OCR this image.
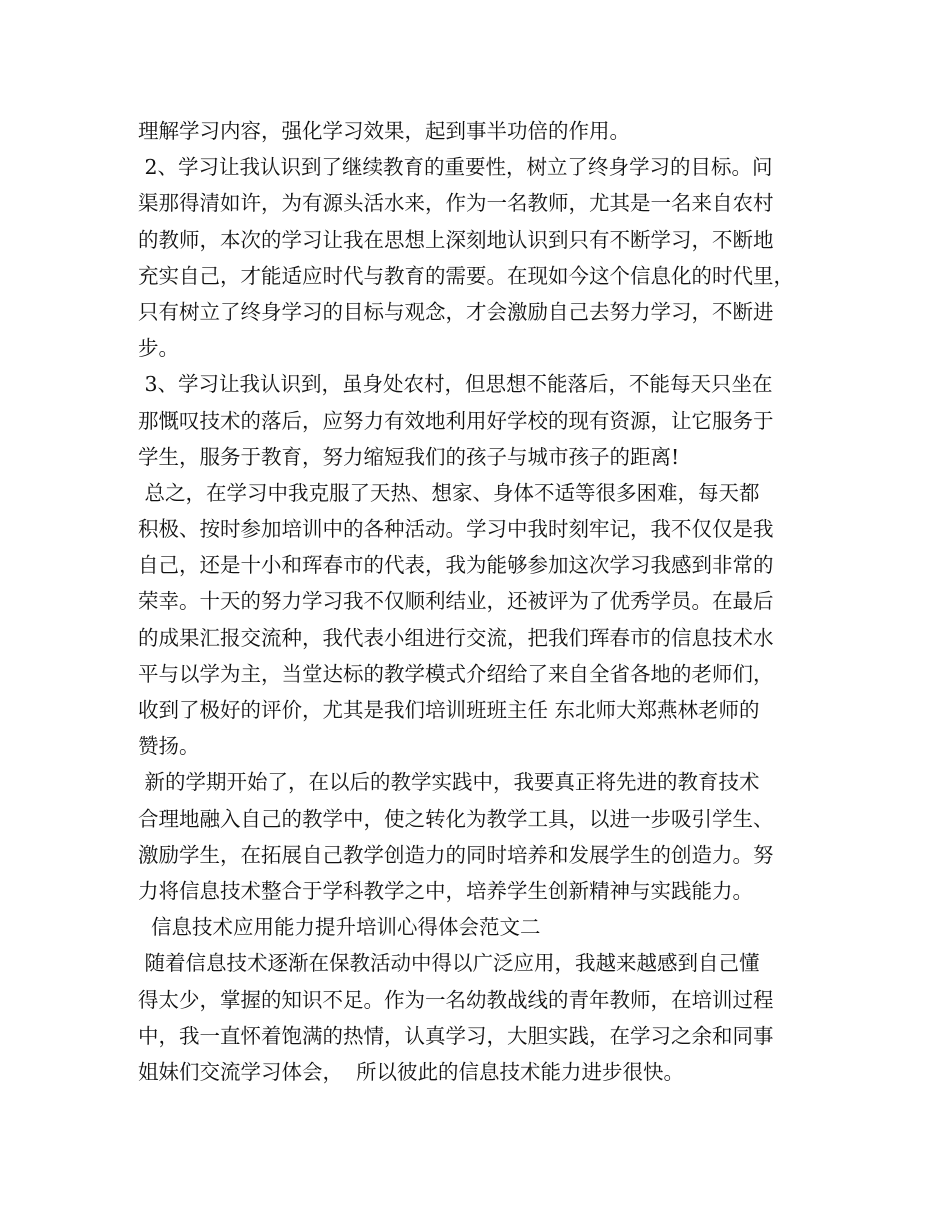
理解学习内容，强化学习效果，起到事半功倍的作用。
2、学习让我认识到了继续教育的重要性，树立了终身学习的目标。问
渠那得清如许，为有源头活水来，作为一名教师，尤其是一名来自农村
的教师，本次的学习让我在思想上深刻地认识到只有不断学习，不断地
充实自己，才能适应时代与教育的需要。在现如今这个信息化的时代里，
只有树立了终身学习的目标与观念，才会激励自己去努力学习，不断进
步。
3、学习让我认识到，虽身处农村，但思想不能落后，不能每天只坐在
那慨叹技术的落后，应努力有效地利用好学校的现有资源，让它服务于
学生，服务于教育，努力缩短我们的孩子与城市孩子的距离!
总之，在学习中我克服了天热、想家、身体不适等很多困难，每天都
积极、按时参加培训中的各种活动。学习中我时刻牢记，我不仅仅是我
自己，还是十小和珲春市的代表，我为能够参加这次学习我感到非常的
荣幸。十天的努力学习我不仅顺利结业，还被评为了优秀学员。在最后
的成果汇报交流种，我代表小组进行交流，把我们珲春市的信息技术水
平与以学为主，当堂达标的教学模式介绍给了来自全省各地的老师们，
收到了极好的评价，尤其是我们培训班班主任 东北师大郑燕林老师的
赞扬。
新的学期开始了，在以后的教学实践中，我要真正将先进的教育技术
合理地融入自己的教学中，使之转化为教学工具，以进一步吸引学生、
激励学生，在拓展自己教学创造力的同时培养和发展学生的创造力。努
力将信息技术整合于学科教学之中，培养学生创新精神与实践能力。
信息技术应用能力提升培训心得体会范文二
随着信息技术逐渐在保教活动中得以广泛应用，我越来越感到自己懂
得太少，掌握的知识不足。作为一名幼教战线的青年教师，在培训过程
中，我一直怀着饱满的热情，认真学习，大胆实践，在学习之余和同事
姐妹们交流学习体会，  所以彼此的信息技术能力进步很快。
